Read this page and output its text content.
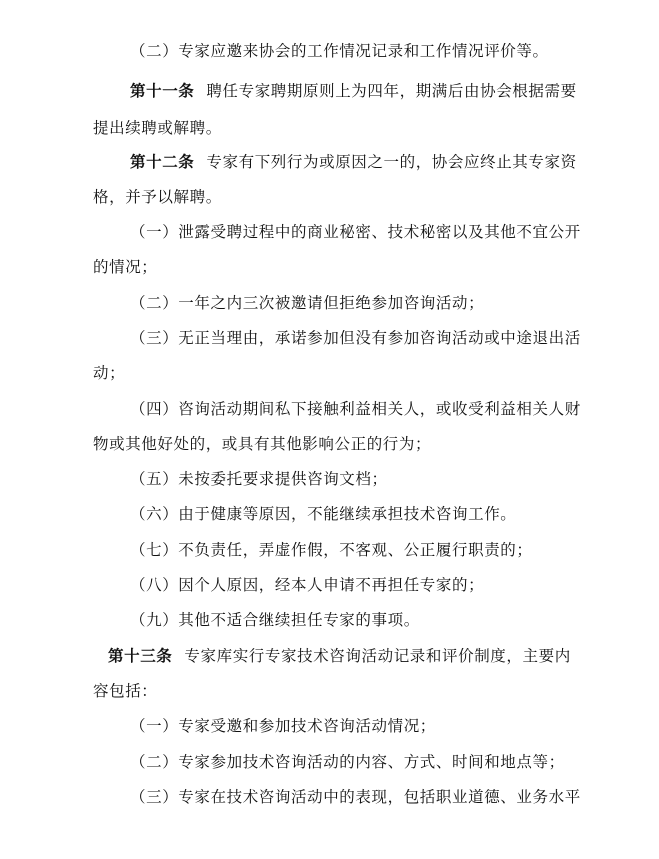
（二）专家应邀来协会的工作情况记录和工作情况评价等。
第十一条 聘任专家聘期原则上为四年，期满后由协会根据需要
提出续聘或解聘。
第十二条 专家有下列行为或原因之一的，协会应终止其专家资
格，并予以解聘。
（一）泄露受聘过程中的商业秘密、技术秘密以及其他不宜公开
的情况；
（二）一年之内三次被邀请但拒绝参加咨询活动；
（三）无正当理由，承诺参加但没有参加咨询活动或中途退出活
动；
（四）咨询活动期间私下接触利益相关人，或收受利益相关人财
物或其他好处的，或具有其他影响公正的行为；
（五）未按委托要求提供咨询文档；
（六）由于健康等原因，不能继续承担技术咨询工作。
（七）不负责任，弄虚作假，不客观、公正履行职责的；
（八）因个人原因，经本人申请不再担任专家的；
（九）其他不适合继续担任专家的事项。
第十三条 专家库实行专家技术咨询活动记录和评价制度，主要内
容包括：
（一）专家受邀和参加技术咨询活动情况；
（二）专家参加技术咨询活动的内容、方式、时间和地点等；
（三）专家在技术咨询活动中的表现，包括职业道德、业务水平
